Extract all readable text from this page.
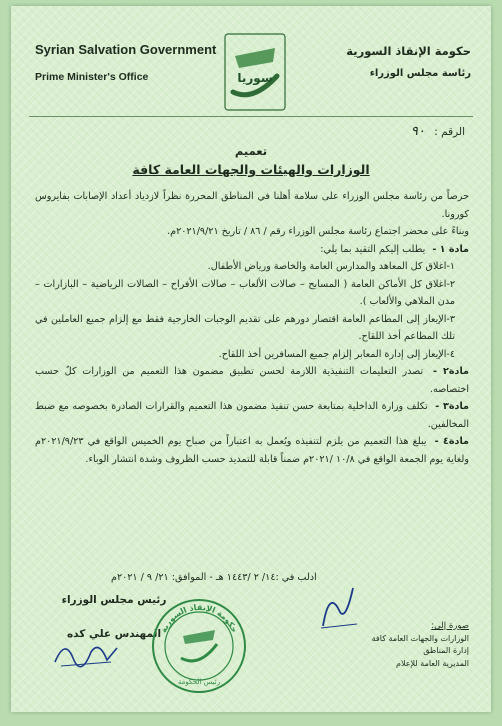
Syrian Salvation Government
Prime Minister's Office	سوريا
حكومة الإنقاذ السورية
رئاسة مجلس الوزراء
الرقم : ٩٠
تعميم
الوزارات والهيئات والجهات العامة كافة

حرصاً من رئاسة مجلس الوزراء على سلامة أهلنا في المناطق المحررة نظراً لازدياد أعداد الإصابات بفايروس كورونا.

وبناءً على محضر اجتماع رئاسة مجلس الوزراء رقم / ٨٦ / تاريخ ٢٠٢١/٩/٢١م.

مادة ١ - يطلب إليكم التقيد بما يلي:

١-اغلاق كل المعاهد والمدارس العامة والخاصة ورياض الأطفال.

٢-اغلاق كل الأماكن العامة ( المسابح – صالات الألعاب – صالات الأفراح – الصالات الرياضية – البازارات – مدن الملاهي والألعاب ).

٣-الإيعاز إلى المطاعم العامة اقتصار دورهم على تقديم الوجبات الخارجية فقط مع إلزام جميع العاملين في تلك المطاعم أخذ اللقاح.

٤-الإيعاز إلى إدارة المعابر إلزام جميع المسافرين أخذ اللقاح.

مادة٢ - تصدر التعليمات التنفيذية اللازمة لحسن تطبيق مضمون هذا التعميم من الوزارات كلٌ حسب اختصاصه.

مادة٣ - تكلف وزارة الداخلية بمتابعة حسن تنفيذ مضمون هذا التعميم والقرارات الصادرة بخصوصه مع ضبط المخالفين.

مادة٤ - يبلغ هذا التعميم من يلزم لتنفيذه ويُعمل به اعتباراً من صباح يوم الخميس الواقع في ٢٠٢١/٩/٢٣م ولغاية يوم الجمعة الواقع في ١٠/٨ /٢٠٢١م ضمناً قابلة للتمديد حسب الظروف وشدة انتشار الوباء.

ادلب في :١٤/ ٢ /١٤٤٣ هـ - الموافق: ٢١/ ٩ / ٢٠٢١م
رئيس مجلس الوزراء
المهندس علي كده
حكومة الإنقاذ السورية
رئيس الحكومة
صورة إلى:
الوزارات والجهات العامة كافة
إدارة المناطق
المديرية العامة للإعلام
